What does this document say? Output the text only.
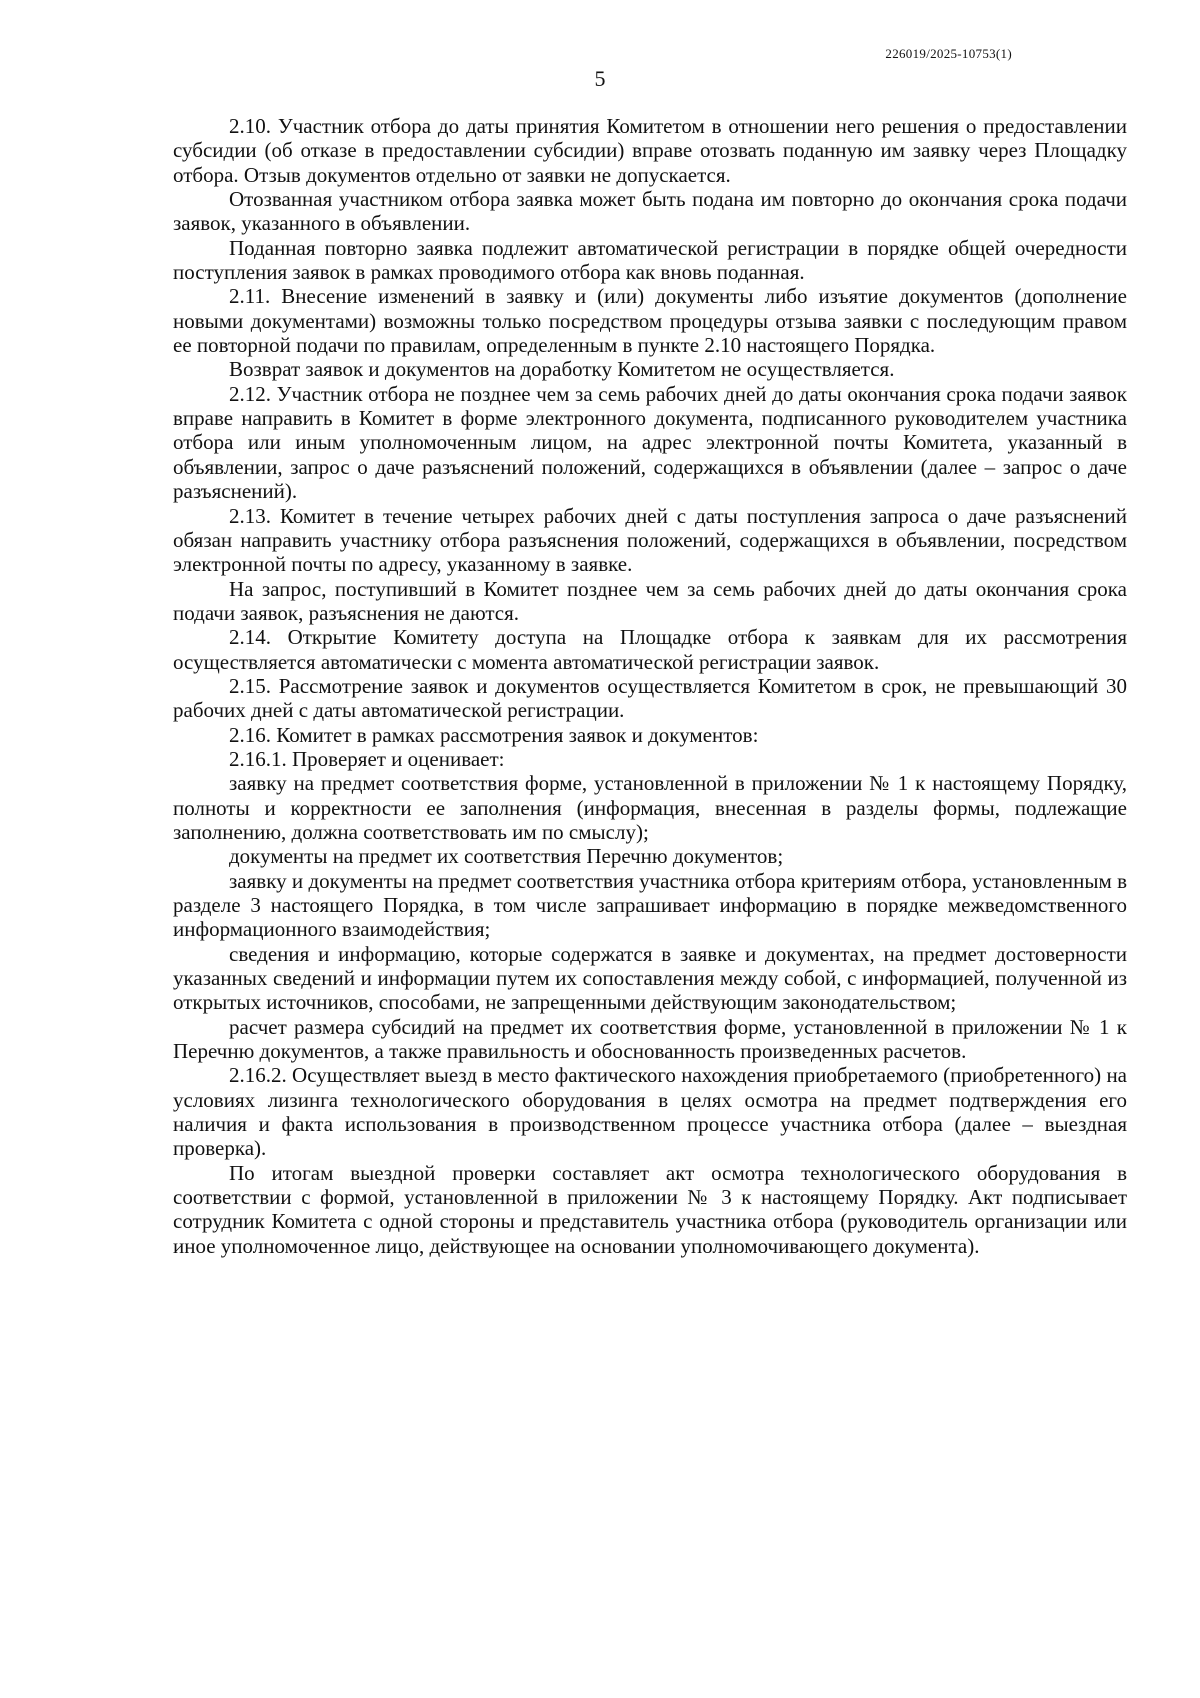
226019/2025-10753(1)
5

2.10. Участник отбора до даты принятия Комитетом в отношении него решения о предоставлении субсидии (об отказе в предоставлении субсидии) вправе отозвать поданную им заявку через Площадку отбора. Отзыв документов отдельно от заявки не допускается.

Отозванная участником отбора заявка может быть подана им повторно до окончания срока подачи заявок, указанного в объявлении.

Поданная повторно заявка подлежит автоматической регистрации в порядке общей очередности поступления заявок в рамках проводимого отбора как вновь поданная.

2.11. Внесение изменений в заявку и (или) документы либо изъятие документов (дополнение новыми документами) возможны только посредством процедуры отзыва заявки с последующим правом ее повторной подачи по правилам, определенным в пункте 2.10 настоящего Порядка.

Возврат заявок и документов на доработку Комитетом не осуществляется.

2.12. Участник отбора не позднее чем за семь рабочих дней до даты окончания срока подачи заявок вправе направить в Комитет в форме электронного документа, подписанного руководителем участника отбора или иным уполномоченным лицом, на адрес электронной почты Комитета, указанный в объявлении, запрос о даче разъяснений положений, содержащихся в объявлении (далее – запрос о даче разъяснений).

2.13. Комитет в течение четырех рабочих дней с даты поступления запроса о даче разъяснений обязан направить участнику отбора разъяснения положений, содержащихся в объявлении, посредством электронной почты по адресу, указанному в заявке.

На запрос, поступивший в Комитет позднее чем за семь рабочих дней до даты окончания срока подачи заявок, разъяснения не даются.

2.14. Открытие Комитету доступа на Площадке отбора к заявкам для их рассмотрения осуществляется автоматически с момента автоматической регистрации заявок.

2.15. Рассмотрение заявок и документов осуществляется Комитетом в срок, не превышающий 30 рабочих дней с даты автоматической регистрации.

2.16. Комитет в рамках рассмотрения заявок и документов:

2.16.1. Проверяет и оценивает:

заявку на предмет соответствия форме, установленной в приложении № 1 к настоящему Порядку, полноты и корректности ее заполнения (информация, внесенная в разделы формы, подлежащие заполнению, должна соответствовать им по смыслу);

документы на предмет их соответствия Перечню документов;

заявку и документы на предмет соответствия участника отбора критериям отбора, установленным в разделе 3 настоящего Порядка, в том числе запрашивает информацию в порядке межведомственного информационного взаимодействия;

сведения и информацию, которые содержатся в заявке и документах, на предмет достоверности указанных сведений и информации путем их сопоставления между собой, с информацией, полученной из открытых источников, способами, не запрещенными действующим законодательством;

расчет размера субсидий на предмет их соответствия форме, установленной в приложении № 1 к Перечню документов, а также правильность и обоснованность произведенных расчетов.

2.16.2. Осуществляет выезд в место фактического нахождения приобретаемого (приобретенного) на условиях лизинга технологического оборудования в целях осмотра на предмет подтверждения его наличия и факта использования в производственном процессе участника отбора (далее – выездная проверка).

По итогам выездной проверки составляет акт осмотра технологического оборудования в соответствии с формой, установленной в приложении № 3 к настоящему Порядку. Акт подписывает сотрудник Комитета с одной стороны и представитель участника отбора (руководитель организации или иное уполномоченное лицо, действующее на основании уполномочивающего документа).
